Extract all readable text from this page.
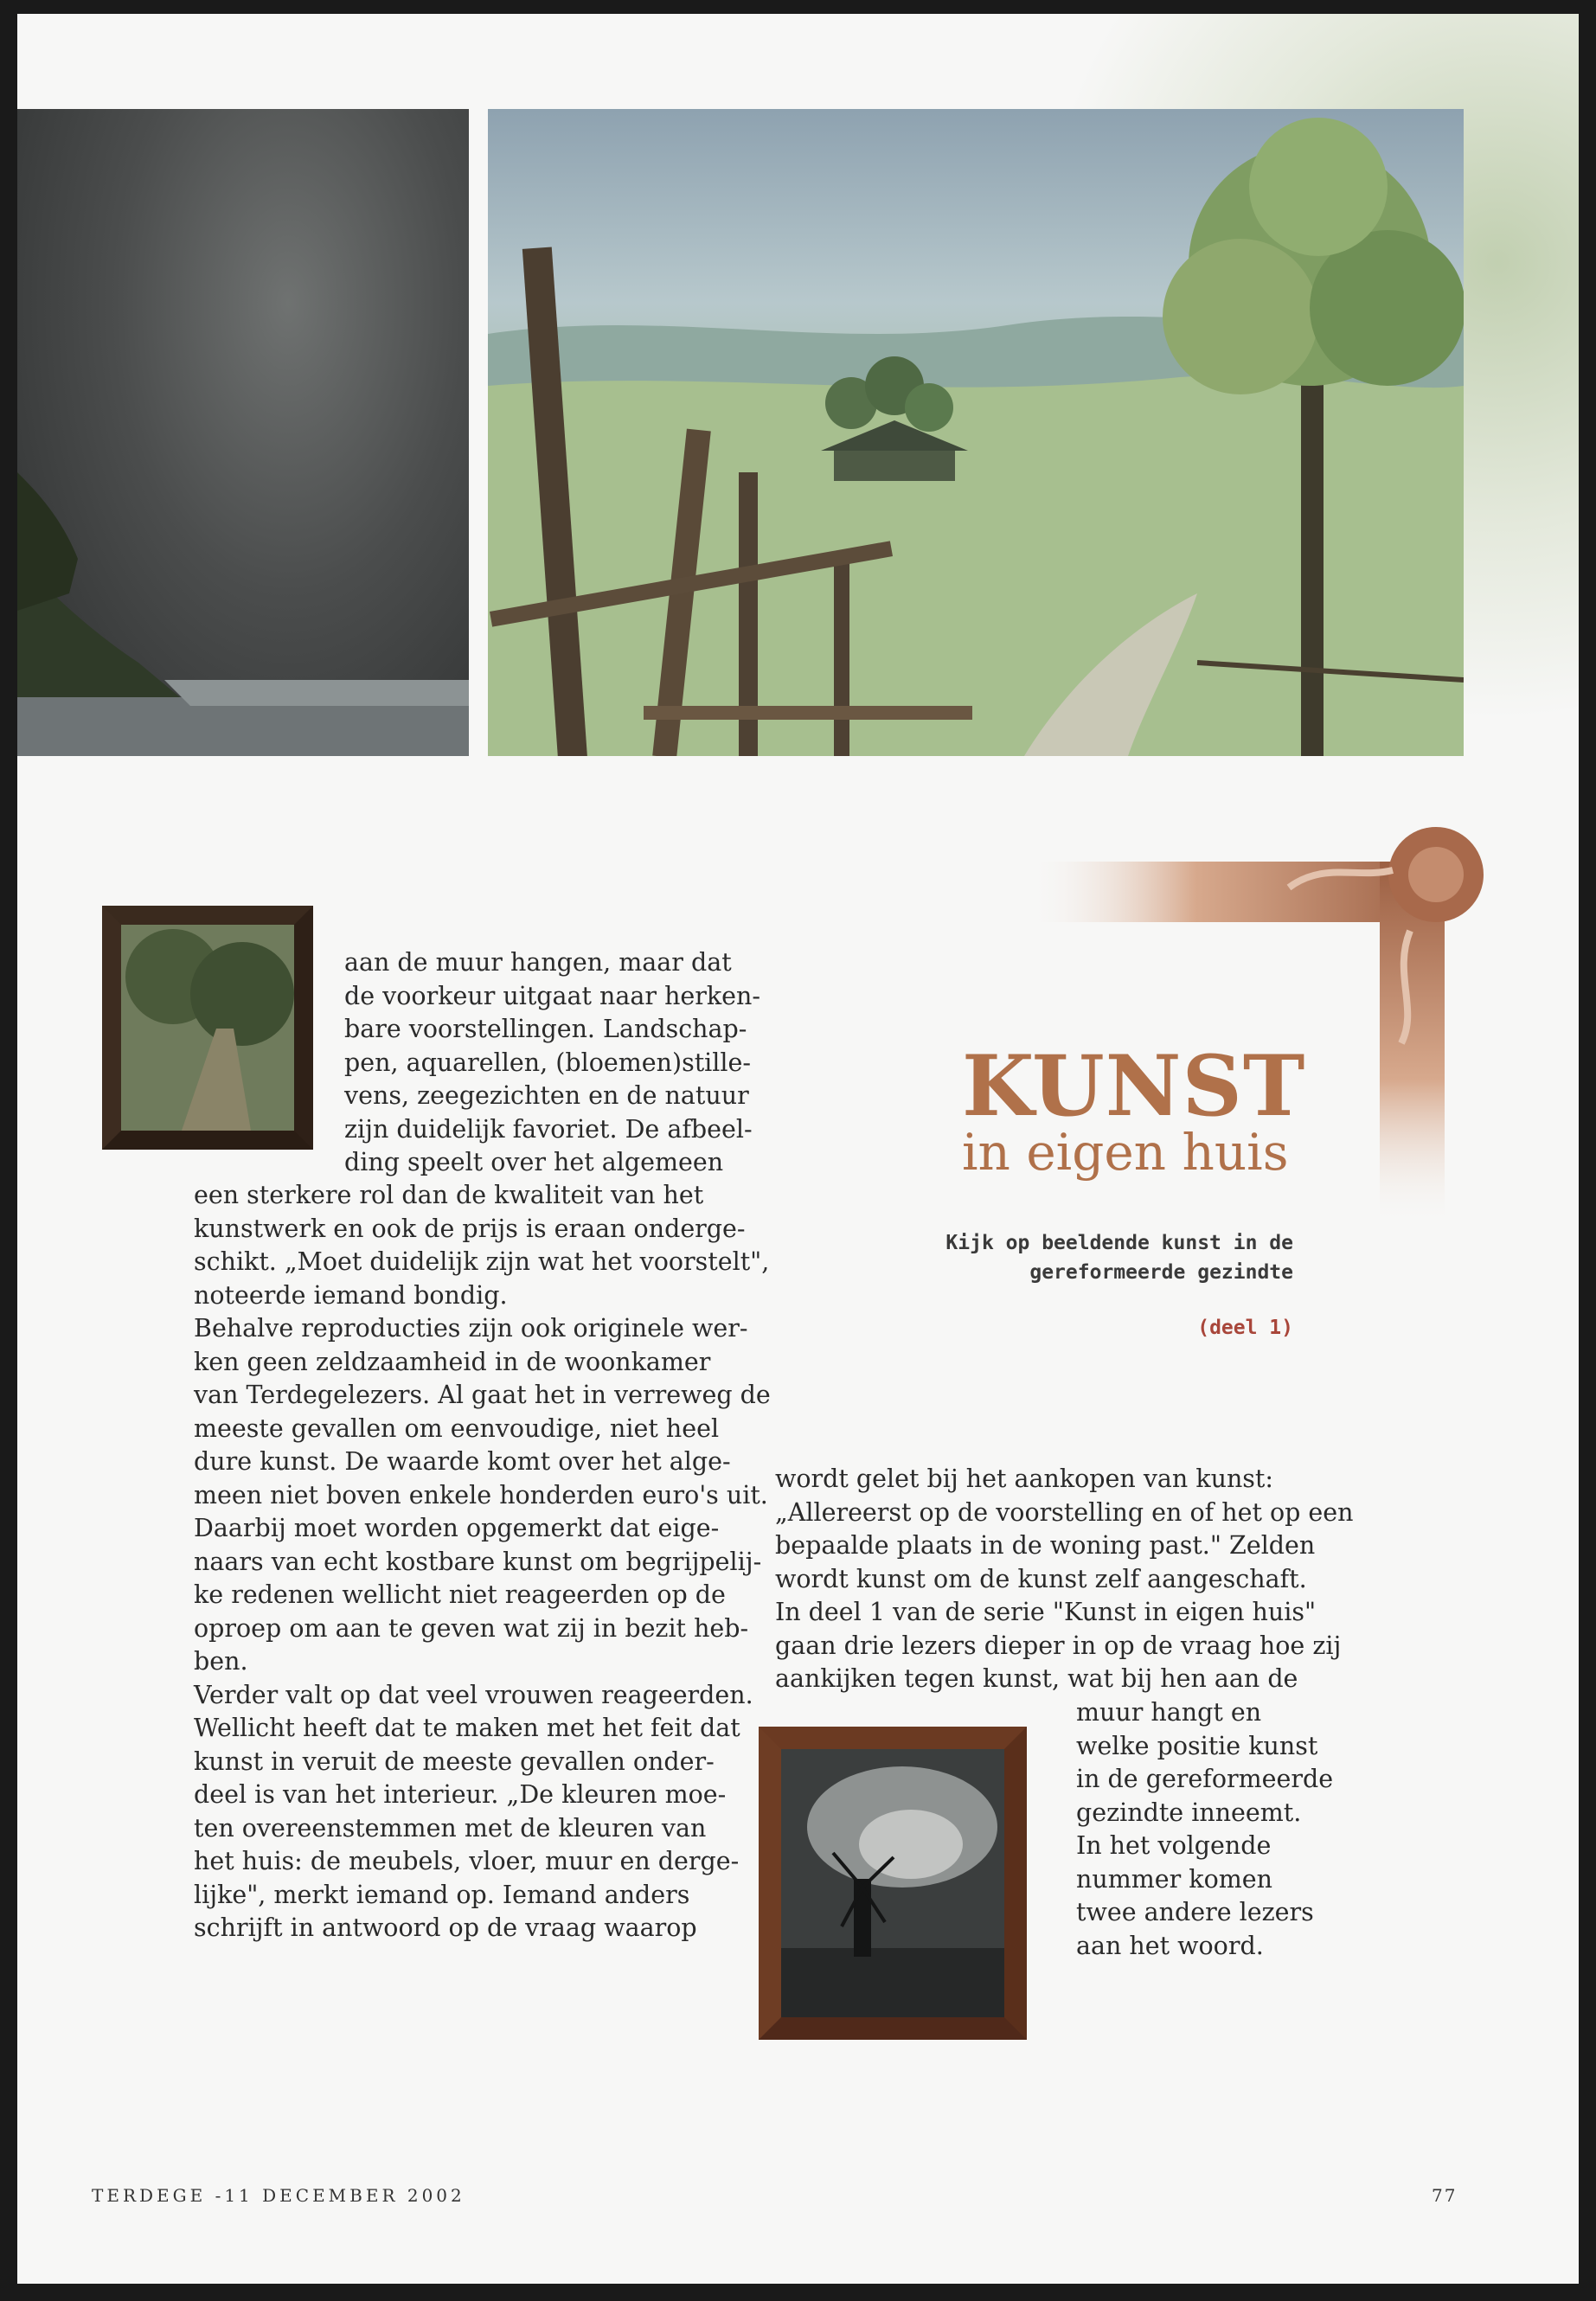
aan de muur hangen, maar dat
de voorkeur uitgaat naar herken-
bare voorstellingen. Landschap-
pen, aquarellen, (bloemen)stille-
vens, zeegezichten en de natuur
zijn duidelijk favoriet. De afbeel-
ding speelt over het algemeen
een sterkere rol dan de kwaliteit van het
kunstwerk en ook de prijs is eraan onderge-
schikt. „Moet duidelijk zijn wat het voorstelt",
noteerde iemand bondig.
Behalve reproducties zijn ook originele wer-
ken geen zeldzaamheid in de woonkamer
van Terdegelezers. Al gaat het in verreweg de
meeste gevallen om eenvoudige, niet heel
dure kunst. De waarde komt over het alge-
meen niet boven enkele honderden euro's uit.
Daarbij moet worden opgemerkt dat eige-
naars van echt kostbare kunst om begrijpelij-
ke redenen wellicht niet reageerden op de
oproep om aan te geven wat zij in bezit heb-
ben.
Verder valt op dat veel vrouwen reageerden.
Wellicht heeft dat te maken met het feit dat
kunst in veruit de meeste gevallen onder-
deel is van het interieur. „De kleuren moe-
ten overeenstemmen met de kleuren van
het huis: de meubels, vloer, muur en derge-
lijke", merkt iemand op. Iemand anders
schrijft in antwoord op de vraag waarop
KUNST
in eigen huis
Kijk op beeldende kunst in de
gereformeerde gezindte
(deel 1)
wordt gelet bij het aankopen van kunst:
„Allereerst op de voorstelling en of het op een
bepaalde plaats in de woning past." Zelden
wordt kunst om de kunst zelf aangeschaft.
In deel 1 van de serie "Kunst in eigen huis"
gaan drie lezers dieper in op de vraag hoe zij
aankijken tegen kunst, wat bij hen aan de
muur hangt en
welke positie kunst
in de gereformeerde
gezindte inneemt.
In het volgende
nummer komen
twee andere lezers
aan het woord.
TERDEGE -11 DECEMBER 2002	77
